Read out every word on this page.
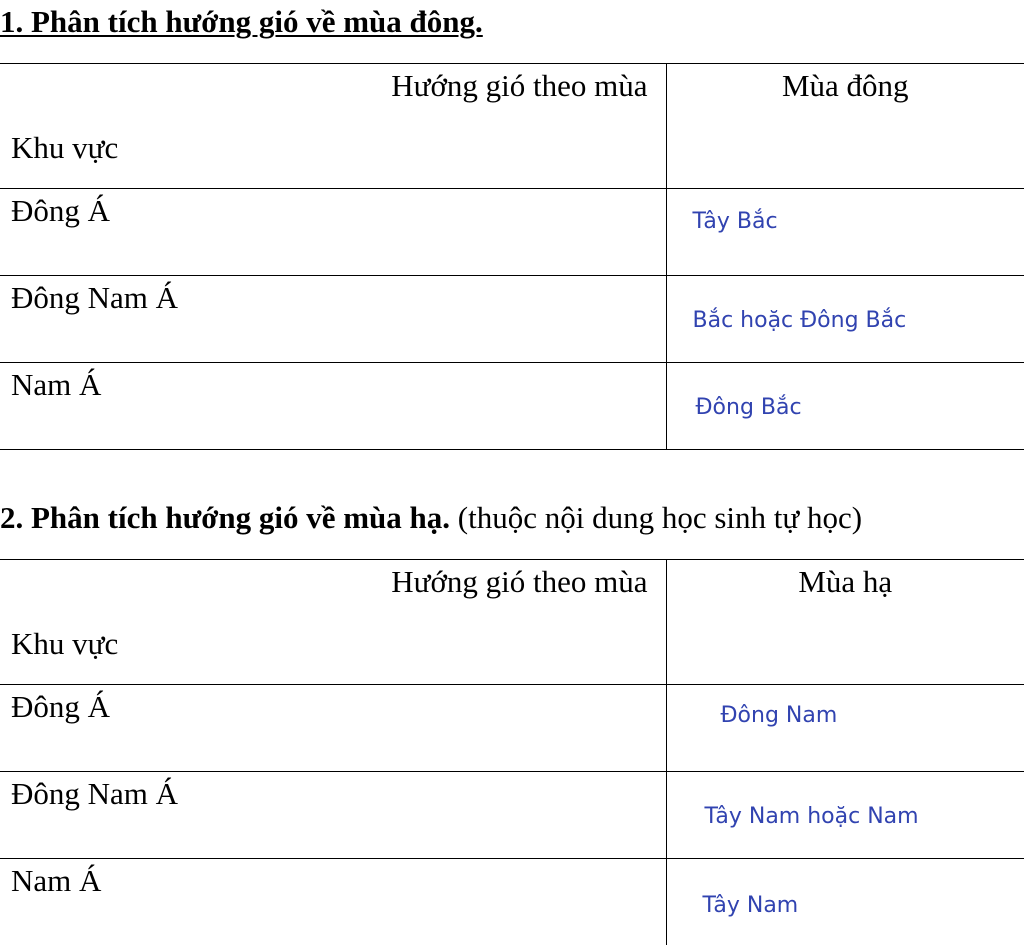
1. Phân tích hướng gió về mùa đông.
Hướng gió theo mùa
Khu vực	Mùa đông

Đông Á	Tây Bắc

Đông Nam Á	Bắc hoặc Đông Bắc

Nam Á	Đông Bắc
2. Phân tích hướng gió về mùa hạ. (thuộc nội dung học sinh tự học)
Hướng gió theo mùa
Khu vực	Mùa hạ

Đông Á	Đông Nam

Đông Nam Á	Tây Nam hoặc Nam

Nam Á	Tây Nam
